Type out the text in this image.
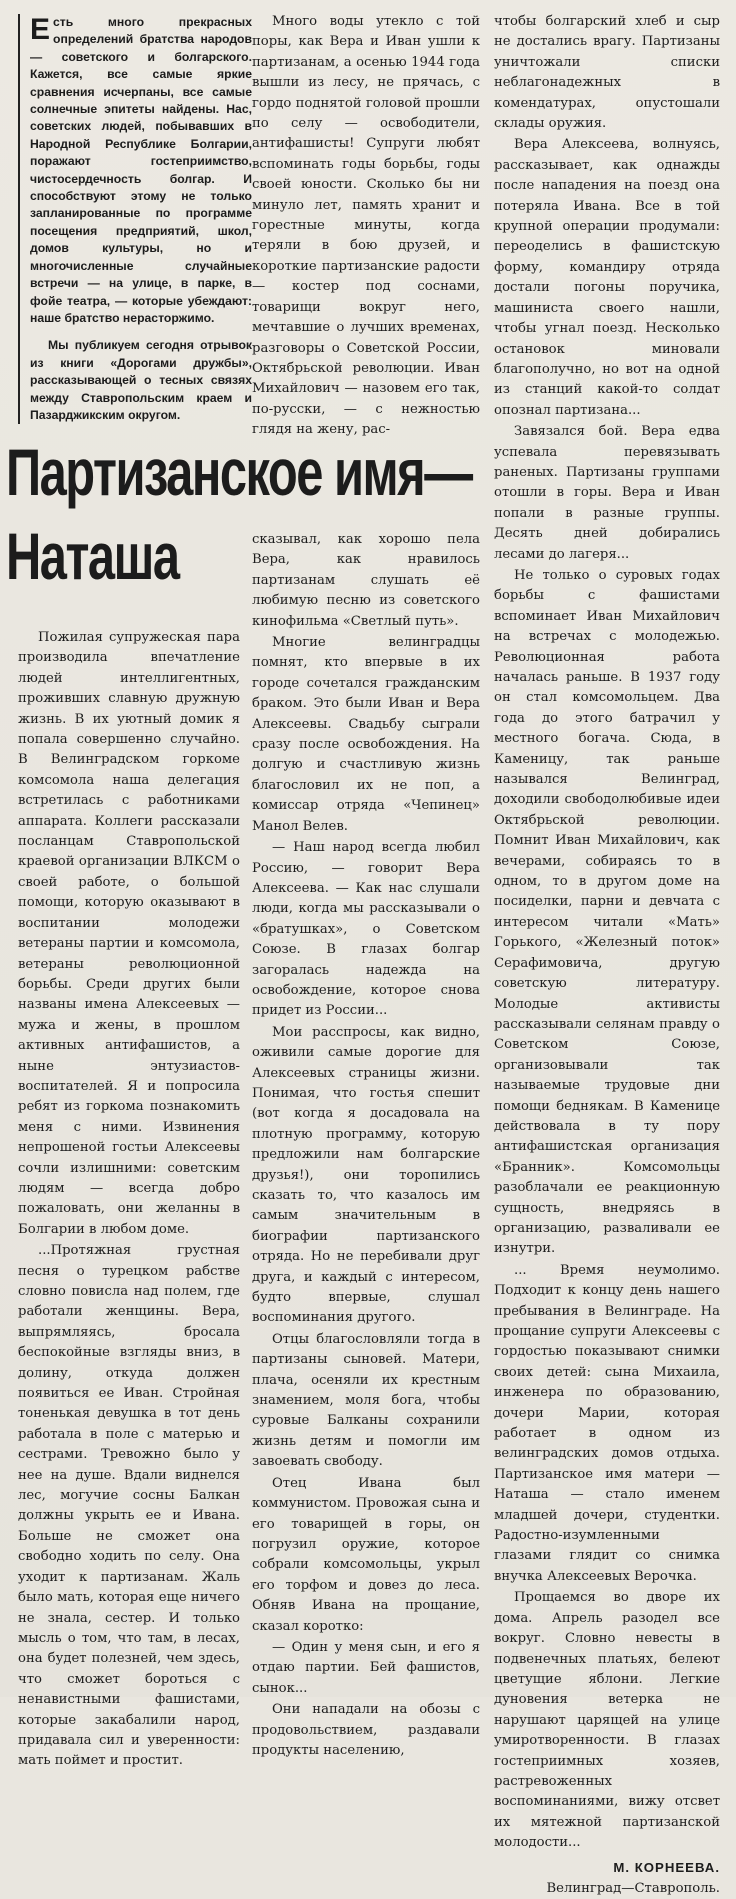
Есть много прекрасных определений братства народов — советского и болгарского. Кажется, все самые яркие сравнения исчерпаны, все самые солнечные эпитеты найдены. Нас, советских людей, побывавших в Народной Республике Болгарии, поражают гостеприимство, чистосердечность болгар. И способствуют этому не только запланированные по программе посещения предприятий, школ, домов культуры, но и многочисленные случайные встречи — на улице, в парке, в фойе театра, — которые убеждают: наше братство нерасторжимо.

Мы публикуем сегодня отрывок из книги «Дорогами дружбы», рассказывающей о тесных связях между Ставропольским краем и Пазарджикским округом.

Много воды утекло с той поры, как Вера и Иван ушли к партизанам, а осенью 1944 года вышли из лесу, не прячась, с гордо поднятой головой прошли по селу — освободители, антифашисты! Супруги любят вспоминать годы борьбы, годы своей юности. Сколько бы ни минуло лет, память хранит и горестные минуты, когда теряли в бою друзей, и короткие партизанские радости — костер под соснами, товарищи вокруг него, мечтавшие о лучших временах, разговоры о Советской России, Октябрьской революции. Иван Михайлович — назовем его так, по-русски, — с нежностью глядя на жену, рас-

Партизанское имя—
Наташа

Пожилая супружеская пара производила впечатление людей интеллигентных, проживших славную дружную жизнь. В их уютный домик я попала совершенно случайно. В Велинградском горкоме комсомола наша делегация встретилась с работниками аппарата. Коллеги рассказали посланцам Ставропольской краевой организации ВЛКСМ о своей работе, о большой помощи, которую оказывают в воспитании молодежи ветераны партии и комсомола, ветераны революционной борьбы. Среди других были названы имена Алексеевых — мужа и жены, в прошлом активных антифашистов, а ныне энтузиастов-воспитателей. Я и попросила ребят из горкома познакомить меня с ними. Извинения непрошеной гостьи Алексеевы сочли излишними: советским людям — всегда добро пожаловать, они желанны в Болгарии в любом доме.

...Протяжная грустная песня о турецком рабстве словно повисла над полем, где работали женщины. Вера, выпрямляясь, бросала беспокойные взгляды вниз, в долину, откуда должен появиться ее Иван. Стройная тоненькая девушка в тот день работала в поле с матерью и сестрами. Тревожно было у нее на душе. Вдали виднелся лес, могучие сосны Балкан должны укрыть ее и Ивана. Больше не сможет она свободно ходить по селу. Она уходит к партизанам. Жаль было мать, которая еще ничего не знала, сестер. И только мысль о том, что там, в лесах, она будет полезней, чем здесь, что сможет бороться с ненавистными фашистами, которые закабалили народ, придавала сил и уверенности: мать поймет и простит.

сказывал, как хорошо пела Вера, как нравилось партизанам слушать её любимую песню из советского кинофильма «Светлый путь».

Многие велинградцы помнят, кто впервые в их городе сочетался гражданским браком. Это были Иван и Вера Алексеевы. Свадьбу сыграли сразу после освобождения. На долгую и счастливую жизнь благословил их не поп, а комиссар отряда «Чепинец» Манол Велев.

— Наш народ всегда любил Россию, — говорит Вера Алексеева. — Как нас слушали люди, когда мы рассказывали о «братушках», о Советском Союзе. В глазах болгар загоралась надежда на освобождение, которое снова придет из России...

Мои расспросы, как видно, оживили самые дорогие для Алексеевых страницы жизни. Понимая, что гостья спешит (вот когда я досадовала на плотную программу, которую предложили нам болгарские друзья!), они торопились сказать то, что казалось им самым значительным в биографии партизанского отряда. Но не перебивали друг друга, и каждый с интересом, будто впервые, слушал воспоминания другого.

Отцы благословляли тогда в партизаны сыновей. Матери, плача, осеняли их крестным знамением, моля бога, чтобы суровые Балканы сохранили жизнь детям и помогли им завоевать свободу.

Отец Ивана был коммунистом. Провожая сына и его товарищей в горы, он погрузил оружие, которое собрали комсомольцы, укрыл его торфом и довез до леса. Обняв Ивана на прощание, сказал коротко:

— Один у меня сын, и его я отдаю партии. Бей фашистов, сынок...

Они нападали на обозы с продовольствием, раздавали продукты населению,

чтобы болгарский хлеб и сыр не достались врагу. Партизаны уничтожали списки неблагонадежных в комендатурах, опустошали склады оружия.

Вера Алексеева, волнуясь, рассказывает, как однажды после нападения на поезд она потеряла Ивана. Все в той крупной операции продумали: переоделись в фашистскую форму, командиру отряда достали погоны поручика, машиниста своего нашли, чтобы угнал поезд. Несколько остановок миновали благополучно, но вот на одной из станций какой-то солдат опознал партизана...

Завязался бой. Вера едва успевала перевязывать раненых. Партизаны группами отошли в горы. Вера и Иван попали в разные группы. Десять дней добирались лесами до лагеря...

Не только о суровых годах борьбы с фашистами вспоминает Иван Михайлович на встречах с молодежью. Революционная работа началась раньше. В 1937 году он стал комсомольцем. Два года до этого батрачил у местного богача. Сюда, в Каменицу, так раньше назывался Велинград, доходили свободолюбивые идеи Октябрьской революции. Помнит Иван Михайлович, как вечерами, собираясь то в одном, то в другом доме на посиделки, парни и девчата с интересом читали «Мать» Горького, «Железный поток» Серафимовича, другую советскую литературу. Молодые активисты рассказывали селянам правду о Советском Союзе, организовывали так называемые трудовые дни помощи беднякам. В Каменице действовала в ту пору антифашистская организация «Бранник». Комсомольцы разоблачали ее реакционную сущность, внедряясь в организацию, разваливали ее изнутри.

... Время неумолимо. Подходит к концу день нашего пребывания в Велинграде. На прощание супруги Алексеевы с гордостью показывают снимки своих детей: сына Михаила, инженера по образованию, дочери Марии, которая работает в одном из велинградских домов отдыха. Партизанское имя матери — Наташа — стало именем младшей дочери, студентки. Радостно-изумленными глазами глядит со снимка внучка Алексеевых Верочка.

Прощаемся во дворе их дома. Апрель разодел все вокруг. Словно невесты в подвенечных платьях, белеют цветущие яблони. Легкие дуновения ветерка не нарушают царящей на улице умиротворенности. В глазах гостеприимных хозяев, растревоженных воспоминаниями, вижу отсвет их мятежной партизанской молодости...

М. КОРНЕЕВА.

Велинград—Ставрополь.
